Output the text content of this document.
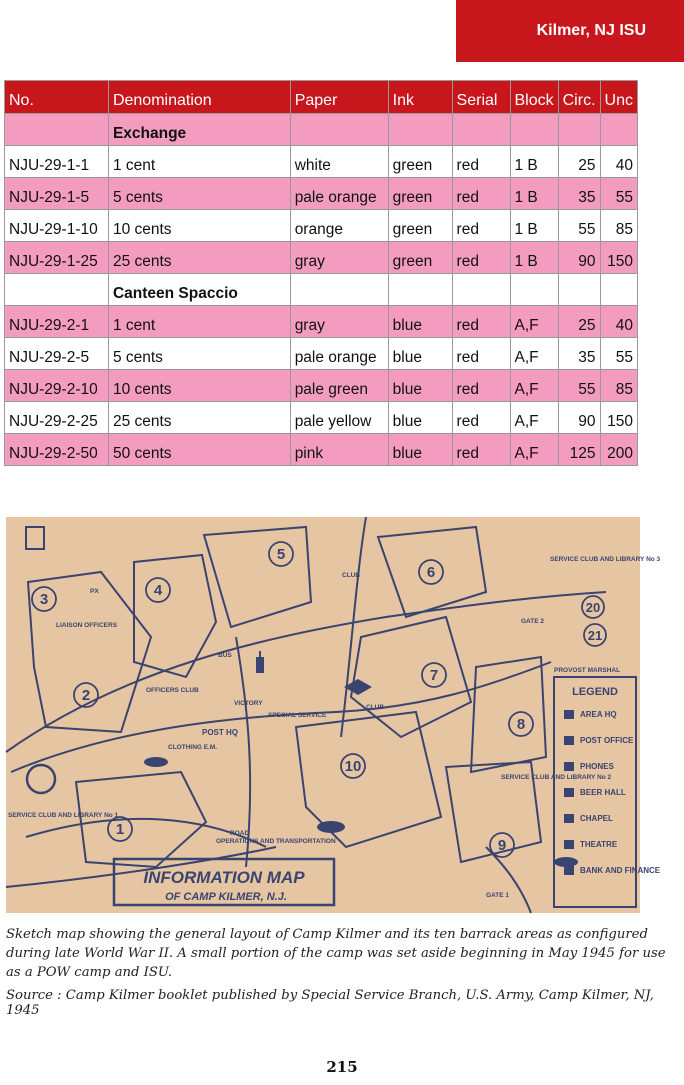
Kilmer, NJ ISU
No.	Denomination	Paper	Ink	Serial	Block	Circ.	Unc
	Exchange						
NJU-29-1-1	1 cent	white	green	red	1 B	25	40
NJU-29-1-5	5 cents	pale orange	green	red	1 B	35	55
NJU-29-1-10	10 cents	orange	green	red	1 B	55	85
NJU-29-1-25	25 cents	gray	green	red	1 B	90	150
	Canteen Spaccio						
NJU-29-2-1	1 cent	gray	blue	red	A,F	25	40
NJU-29-2-5	5 cents	pale orange	blue	red	A,F	35	55
NJU-29-2-10	10 cents	pale green	blue	red	A,F	55	85
NJU-29-2-25	25 cents	pale yellow	blue	red	A,F	90	150
NJU-29-2-50	50 cents	pink	blue	red	A,F	125	200
1
2
3
4
5
6
7
8
9
10
20
21
SERVICE CLUB AND LIBRARY No 3
SERVICE CLUB AND LIBRARY No 1
SERVICE CLUB AND LIBRARY No 2
LIAISON OFFICERS
OFFICERS CLUB
POST HQ
CLOTHING E.M.
OPERATIONS AND TRANSPORTATION
CLUB
CLUB
BUS
SPECIAL SERVICE
VICTORY
PROVOST MARSHAL
ROAD
GATE 2
GATE 1
PX
INFORMATION MAP
OF CAMP KILMER, N.J.
LEGEND
AREA HQ
POST OFFICE
PHONES
BEER HALL
CHAPEL
THEATRE
BANK AND FINANCE

Sketch map showing the general layout of Camp Kilmer and its ten barrack areas as configured during late World War II. A small portion of the camp was set aside beginning in May 1945 for use as a POW camp and ISU.

Source : Camp Kilmer booklet published by Special Service Branch, U.S. Army, Camp Kilmer, NJ, 1945
215
